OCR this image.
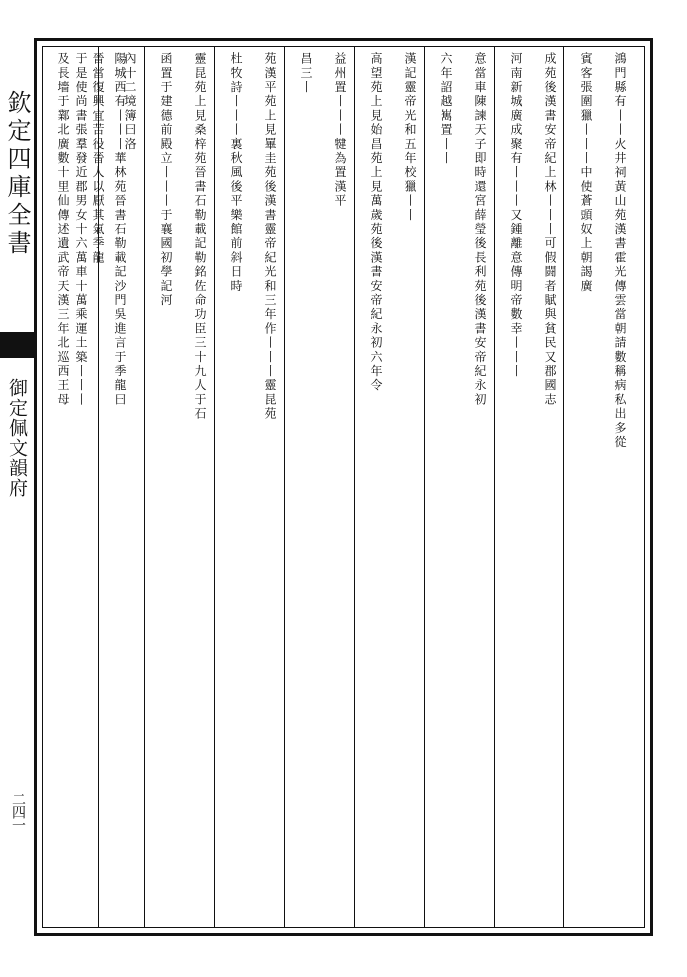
欽定四庫全書
御定佩文韻府
二四一
鴻門縣有丨丨火井祠黃山苑漢書霍光傳雲當朝請數稱病私出多從
賓客張圍獵丨丨丨中使蒼頭奴上朝謁廣
成苑後漢書安帝紀上林丨丨丨可假闘者賦與貧民又郡國志
河南新城廣成聚有丨丨丨又鍾離意傳明帝數幸丨丨丨
意當車陳諫天子即時還宮薛瑩後長利苑後漢書安帝紀永初
六年詔越嶲置丨丨
漢記靈帝光和五年校獵丨丨
高望苑上見始昌苑上見萬歲苑後漢書安帝紀永初六年令
益州置丨丨丨犍為置漢平
昌三丨
苑漢平苑上見罼圭苑後漢書靈帝紀光和三年作丨丨丨靈昆苑
杜牧詩丨丨丨裏秋風後平樂館前斜日時
靈昆苑上見桑梓苑晉書石勒載記勒銘佐命功臣三十九人于石
函置于建德前殿立丨丨丨于襄國初學記河
內十二境簿曰洛
陽城西有丨丨丨華林苑晉書石勒載記沙門吳進言于季龍曰
晉當復興宜苦役晉人以厭其氣季龍
于是使尚書張羣發近郡男女十六萬車十萬乘運土築丨丨丨
及長墻于鄴北廣數十里仙傳述遺武帝天漢三年北巡西王母
